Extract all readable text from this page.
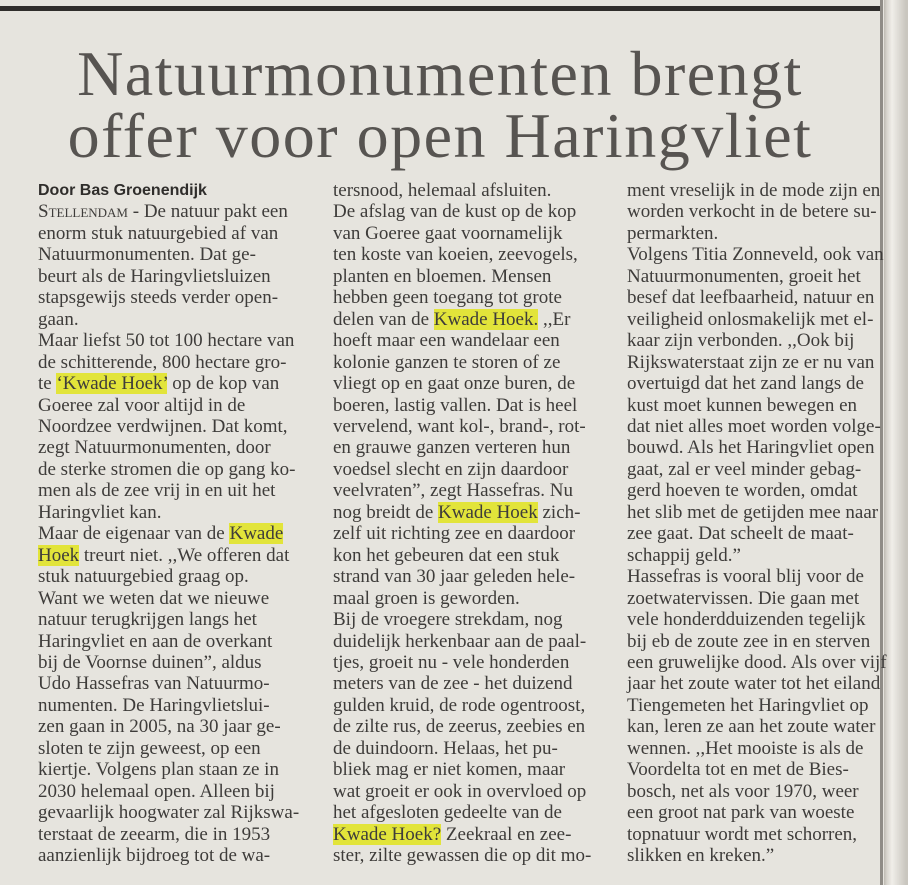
Natuurmonumenten brengt
offer voor open Haringvliet
Door Bas Groenendijk
Stellendam - De natuur pakt een
enorm stuk natuurgebied af van
Natuurmonumenten. Dat ge-
beurt als de Haringvlietsluizen
stapsgewijs steeds verder open-
gaan.
Maar liefst 50 tot 100 hectare van
de schitterende, 800 hectare gro-
te ‘Kwade Hoek’ op de kop van
Goeree zal voor altijd in de
Noordzee verdwijnen. Dat komt,
zegt Natuurmonumenten, door
de sterke stromen die op gang ko-
men als de zee vrij in en uit het
Haringvliet kan.
Maar de eigenaar van de Kwade
Hoek treurt niet. ,,We offeren dat
stuk natuurgebied graag op.
Want we weten dat we nieuwe
natuur terugkrijgen langs het
Haringvliet en aan de overkant
bij de Voornse duinen”, aldus
Udo Hassefras van Natuurmo-
numenten. De Haringvlietslui-
zen gaan in 2005, na 30 jaar ge-
sloten te zijn geweest, op een
kiertje. Volgens plan staan ze in
2030 helemaal open. Alleen bij
gevaarlijk hoogwater zal Rijkswa-
terstaat de zeearm, die in 1953
aanzienlijk bijdroeg tot de wa-
tersnood, helemaal afsluiten.
De afslag van de kust op de kop
van Goeree gaat voornamelijk
ten koste van koeien, zeevogels,
planten en bloemen. Mensen
hebben geen toegang tot grote
delen van de Kwade Hoek. ,,Er
hoeft maar een wandelaar een
kolonie ganzen te storen of ze
vliegt op en gaat onze buren, de
boeren, lastig vallen. Dat is heel
vervelend, want kol-, brand-, rot-
en grauwe ganzen verteren hun
voedsel slecht en zijn daardoor
veelvraten”, zegt Hassefras. Nu
nog breidt de Kwade Hoek zich-
zelf uit richting zee en daardoor
kon het gebeuren dat een stuk
strand van 30 jaar geleden hele-
maal groen is geworden.
Bij de vroegere strekdam, nog
duidelijk herkenbaar aan de paal-
tjes, groeit nu - vele honderden
meters van de zee - het duizend
gulden kruid, de rode ogentroost,
de zilte rus, de zeerus, zeebies en
de duindoorn. Helaas, het pu-
bliek mag er niet komen, maar
wat groeit er ook in overvloed op
het afgesloten gedeelte van de
Kwade Hoek? Zeekraal en zee-
ster, zilte gewassen die op dit mo-
ment vreselijk in de mode zijn en
worden verkocht in de betere su-
permarkten.
Volgens Titia Zonneveld, ook van
Natuurmonumenten, groeit het
besef dat leefbaarheid, natuur en
veiligheid onlosmakelijk met el-
kaar zijn verbonden. ,,Ook bij
Rijkswaterstaat zijn ze er nu van
overtuigd dat het zand langs de
kust moet kunnen bewegen en
dat niet alles moet worden volge-
bouwd. Als het Haringvliet open
gaat, zal er veel minder gebag-
gerd hoeven te worden, omdat
het slib met de getijden mee naar
zee gaat. Dat scheelt de maat-
schappij geld.”
Hassefras is vooral blij voor de
zoetwatervissen. Die gaan met
vele honderdduizenden tegelijk
bij eb de zoute zee in en sterven
een gruwelijke dood. Als over vijf
jaar het zoute water tot het eiland
Tiengemeten het Haringvliet op
kan, leren ze aan het zoute water
wennen. ,,Het mooiste is als de
Voordelta tot en met de Bies-
bosch, net als voor 1970, weer
een groot nat park van woeste
topnatuur wordt met schorren,
slikken en kreken.”
